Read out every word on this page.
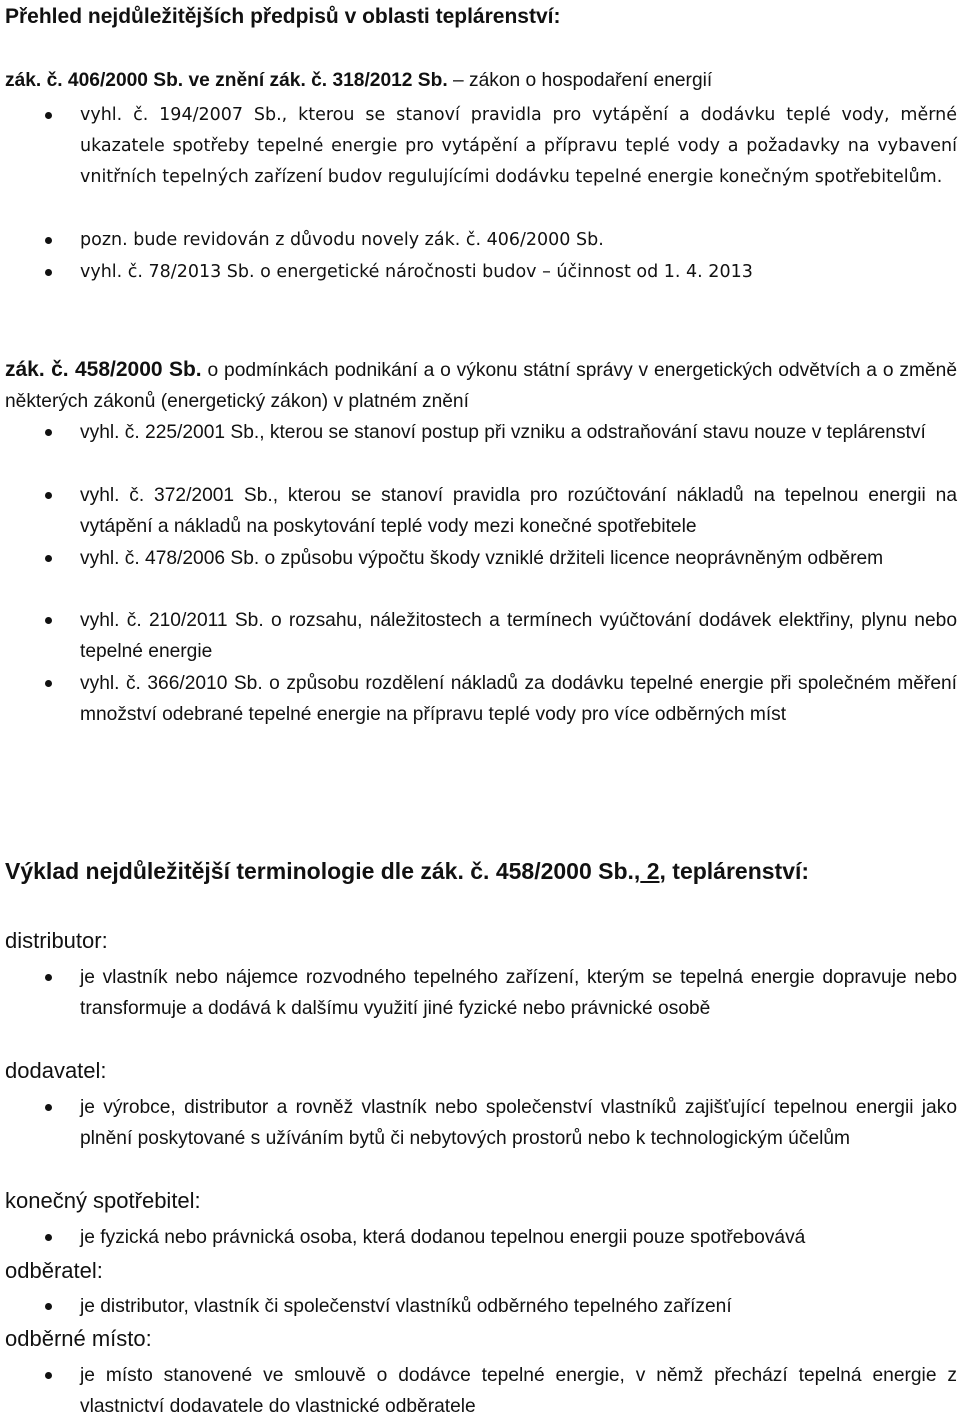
Přehled nejdůležitějších předpisů v oblasti teplárenství:
zák. č. 406/2000 Sb. ve znění zák. č. 318/2012 Sb. – zákon o hospodaření energií
vyhl. č. 194/2007 Sb., kterou se stanoví pravidla pro vytápění a dodávku teplé vody, měrné ukazatele spotřeby tepelné energie pro vytápění a přípravu teplé vody a požadavky na vybavení vnitřních tepelných zařízení budov regulujícími dodávku tepelné energie konečným spotřebitelům.
pozn. bude revidován z důvodu novely zák. č. 406/2000 Sb.
vyhl. č. 78/2013 Sb. o energetické náročnosti budov – účinnost od 1. 4. 2013
zák. č. 458/2000 Sb. o podmínkách podnikání a o výkonu státní správy v energetických odvětvích a o změně některých zákonů (energetický zákon) v platném znění
vyhl. č. 225/2001 Sb., kterou se stanoví postup při vzniku a odstraňování stavu nouze v teplárenství
vyhl. č. 372/2001 Sb., kterou se stanoví pravidla pro rozúčtování nákladů na tepelnou energii na vytápění a nákladů na poskytování teplé vody mezi konečné spotřebitele
vyhl. č. 478/2006 Sb. o způsobu výpočtu škody vzniklé držiteli licence neoprávněným odběrem
vyhl. č. 210/2011 Sb. o rozsahu, náležitostech a termínech vyúčtování dodávek elektřiny, plynu nebo tepelné energie
vyhl. č. 366/2010 Sb. o způsobu rozdělení nákladů za dodávku tepelné energie při společném měření množství odebrané tepelné energie na přípravu teplé vody pro více odběrných míst
Výklad nejdůležitější terminologie dle zák. č. 458/2000 Sb., 2, teplárenství:
distributor:
je vlastník nebo nájemce rozvodného tepelného zařízení, kterým se tepelná energie dopravuje nebo transformuje a dodává k dalšímu využití jiné fyzické nebo právnické osobě
dodavatel:
je výrobce, distributor a rovněž vlastník nebo společenství vlastníků zajišťující tepelnou energii jako plnění poskytované s užíváním bytů či nebytových prostorů nebo k technologickým účelům
konečný spotřebitel:
je fyzická nebo právnická osoba, která dodanou tepelnou energii pouze spotřebovává
odběratel:
je distributor, vlastník či společenství vlastníků odběrného tepelného zařízení
odběrné místo:
je místo stanovené ve smlouvě o dodávce tepelné energie, v němž přechází tepelná energie z vlastnictví dodavatele do vlastnické odběratele
